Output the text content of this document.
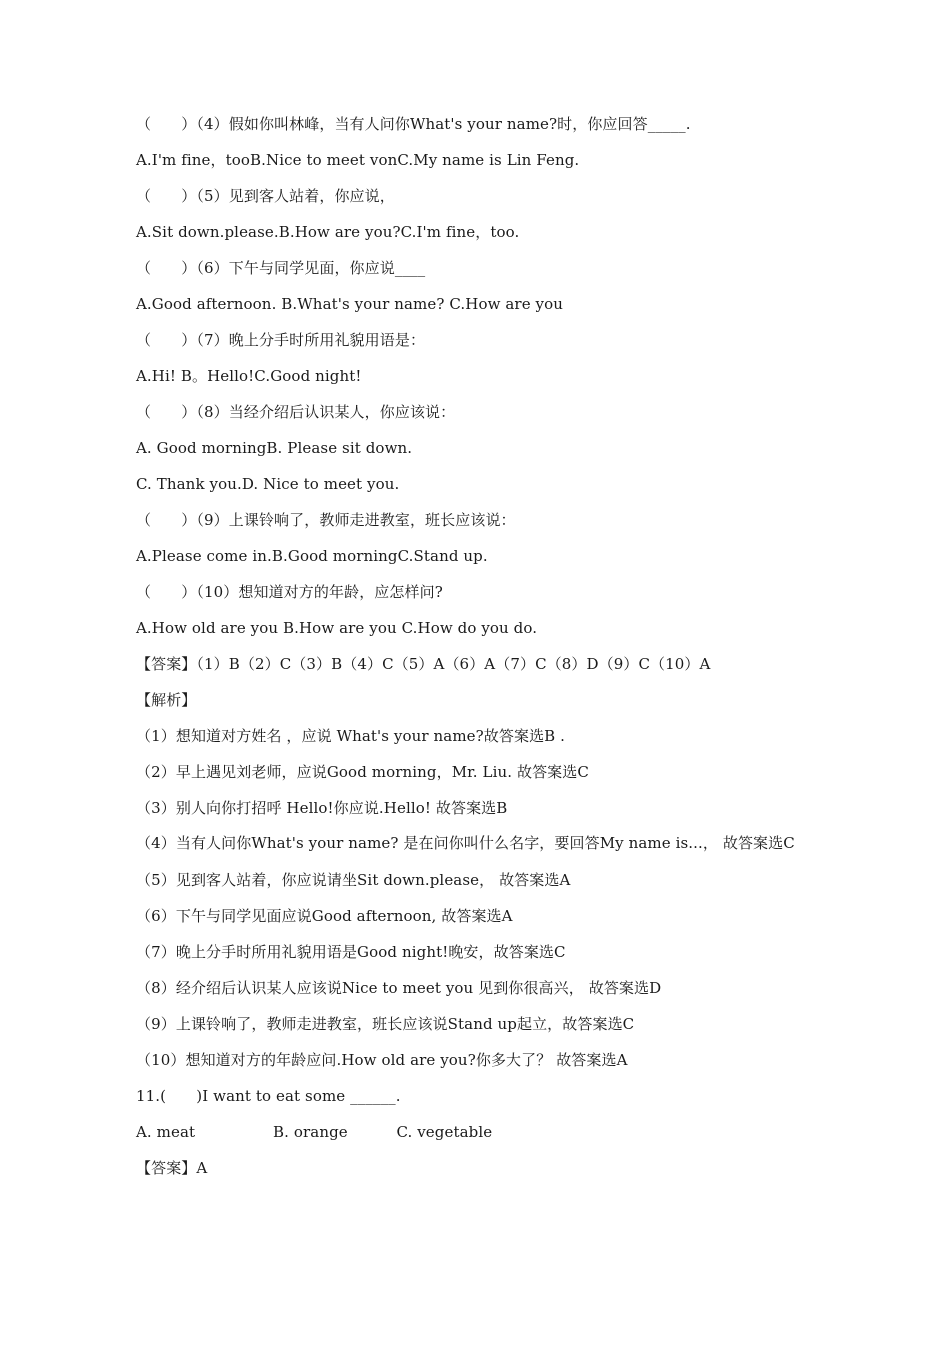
（　　）（4）假如你叫林峰，当有人问你What's your name?时，你应回答_____.
A.I'm fine，tooB.Nice to meet vonC.My name is Lin Feng.
（　　）（5）见到客人站着，你应说，
A.Sit down.please.B.How are you?C.I'm fine，too.
（　　）（6）下午与同学见面，你应说____
A.Good afternoon. B.What's your name? C.How are you
（　　）（7）晚上分手时所用礼貌用语是：
A.Hi! B。Hello!C.Good night!
（　　）（8）当经介绍后认识某人，你应该说：
A. Good morningB. Please sit down.
C. Thank you.D. Nice to meet you.
（　　）（9）上课铃响了，教师走进教室，班长应该说：
A.Please come in.B.Good morningC.Stand up.
（　　）（10）想知道对方的年龄，应怎样问?
A.How old are you B.How are you C.How do you do.
【答案】（1）B（2）C（3）B（4）C（5）A（6）A（7）C（8）D（9）C（10）A
【解析】
（1）想知道对方姓名 ，应说 What's your name?故答案选B .
（2）早上遇见刘老师，应说Good morning，Mr. Liu. 故答案选C
（3）别人向你打招呼 Hello!你应说.Hello! 故答案选B
（4）当有人问你What's your name? 是在问你叫什么名字，要回答My name is...， 故答案选C
（5）见到客人站着，你应说请坐Sit down.please， 故答案选A
（6）下午与同学见面应说Good afternoon, 故答案选A
（7）晚上分手时所用礼貌用语是Good night!晚安，故答案选C
（8）经介绍后认识某人应该说Nice to meet you 见到你很高兴， 故答案选D
（9）上课铃响了，教师走进教室，班长应该说Stand up起立，故答案选C
（10）想知道对方的年龄应问.How old are you?你多大了？ 故答案选A
11.(　　)I want to eat some ______.
A. meat                B. orange          C. vegetable
【答案】A
